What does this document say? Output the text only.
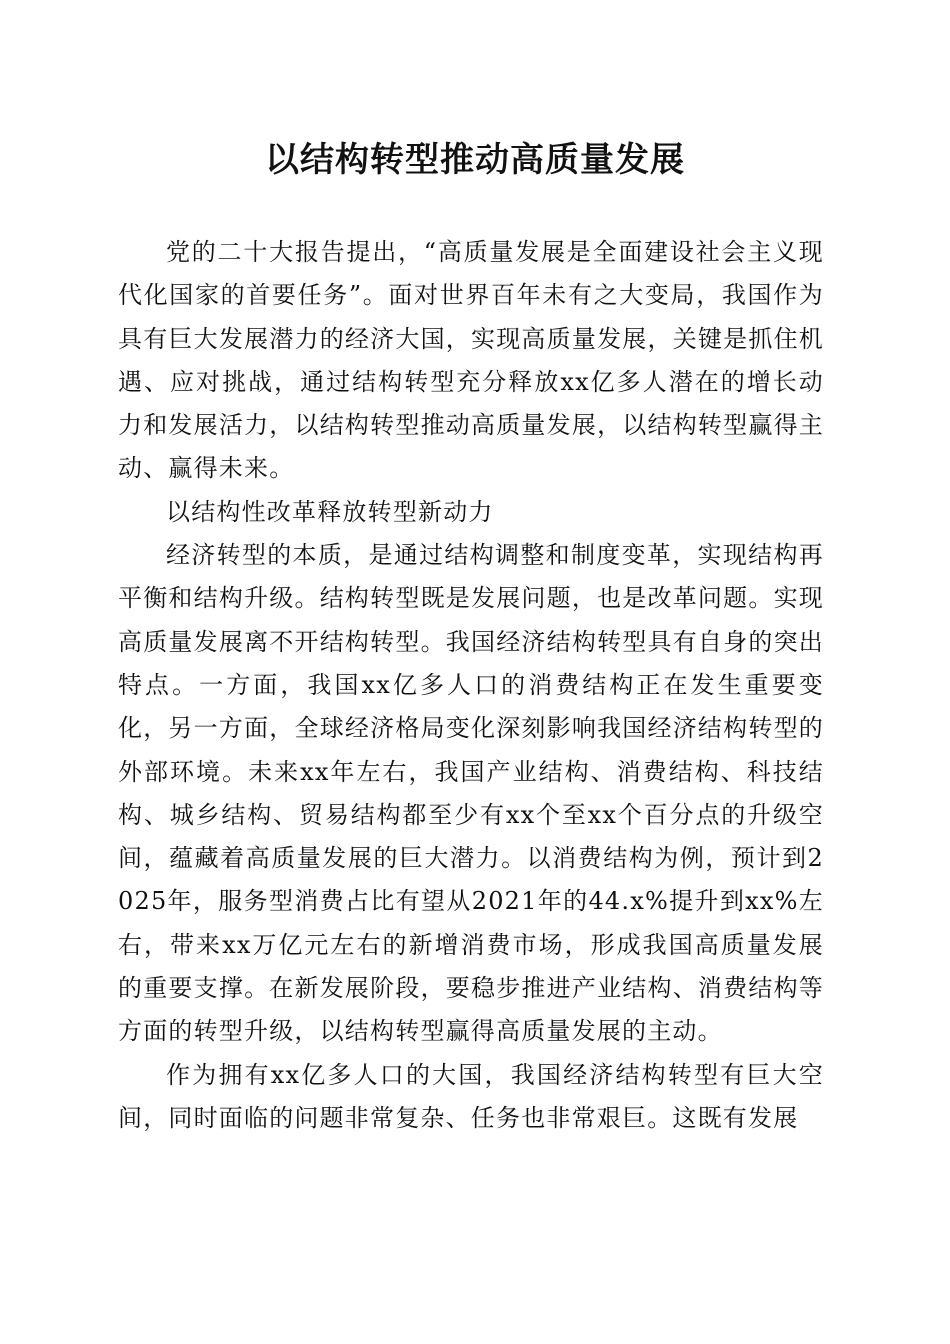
以结构转型推动高质量发展

党的二十大报告提出，“高质量发展是全面建设社会主义现代化国家的首要任务”。面对世界百年未有之大变局，我国作为具有巨大发展潜力的经济大国，实现高质量发展，关键是抓住机遇、应对挑战，通过结构转型充分释放xx亿多人潜在的增长动力和发展活力，以结构转型推动高质量发展，以结构转型赢得主动、赢得未来。

以结构性改革释放转型新动力

经济转型的本质，是通过结构调整和制度变革，实现结构再平衡和结构升级。结构转型既是发展问题，也是改革问题。实现高质量发展离不开结构转型。我国经济结构转型具有自身的突出特点。一方面，我国xx亿多人口的消费结构正在发生重要变化，另一方面，全球经济格局变化深刻影响我国经济结构转型的外部环境。未来xx年左右，我国产业结构、消费结构、科技结构、城乡结构、贸易结构都至少有xx个至xx个百分点的升级空间，蕴藏着高质量发展的巨大潜力。以消费结构为例，预计到2025年，服务型消费占比有望从2021年的44.x%提升到xx%左右，带来xx万亿元左右的新增消费市场，形成我国高质量发展的重要支撑。在新发展阶段，要稳步推进产业结构、消费结构等方面的转型升级，以结构转型赢得高质量发展的主动。

作为拥有xx亿多人口的大国，我国经济结构转型有巨大空间，同时面临的问题非常复杂、任务也非常艰巨。这既有发展
